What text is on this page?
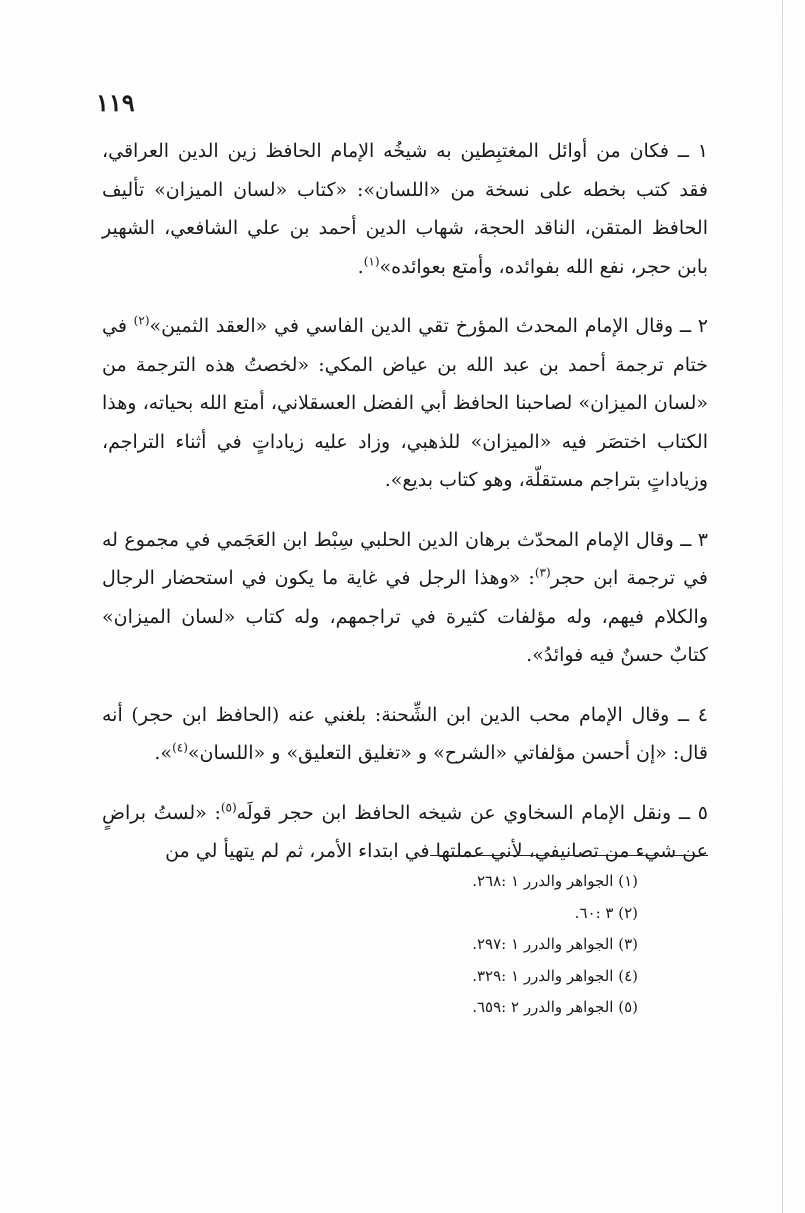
١١٩

١ ــ فكان من أوائل المغتبِطين به شيخُه الإمام الحافظ زين الدين العراقي، فقد كتب بخطه على نسخة من «اللسان»: «كتاب «لسان الميزان» تأليف الحافظ المتقن، الناقد الحجة، شهاب الدين أحمد بن علي الشافعي، الشهير بابن حجر، نفع الله بفوائده، وأمتع بعوائده»$^{(١)}$.

٢ ــ وقال الإمام المحدث المؤرخ تقي الدين الفاسي في «العقد الثمين»$^{(٢)}$ في ختام ترجمة أحمد بن عبد الله بن عياض المكي: «لخصتُ هذه الترجمة من «لسان الميزان» لصاحبنا الحافظ أبي الفضل العسقلاني، أمتع الله بحياته، وهذا الكتاب اختصَر فيه «الميزان» للذهبي، وزاد عليه زياداتٍ في أثناء التراجم، وزياداتٍ بتراجم مستقلّة، وهو كتاب بديع».

٣ ــ وقال الإمام المحدّث برهان الدين الحلبي سِبْط ابن العَجَمي في مجموع له في ترجمة ابن حجر$^{(٣)}$: «وهذا الرجل في غاية ما يكون في استحضار الرجال والكلام فيهم، وله مؤلفات كثيرة في تراجمهم، وله كتاب «لسان الميزان» كتابٌ حسنٌ فيه فوائدُ».

٤ ــ وقال الإمام محب الدين ابن الشِّحنة: بلغني عنه (الحافظ ابن حجر) أنه قال: «إن أحسن مؤلفاتي «الشرح» و «تغليق التعليق» و «اللسان»$^{(٤)}$».

٥ ــ ونقل الإمام السخاوي عن شيخه الحافظ ابن حجر قولَه$^{(٥)}$: «لستُ براضٍ عن شيء من تصانيفي، لأني عملتها في ابتداء الأمر، ثم لم يتهيأ لي من

(١) الجواهر والدرر ١ :٢٦٨.

(٢) ٣ :٦٠.

(٣) الجواهر والدرر ١ :٢٩٧.

(٤) الجواهر والدرر ١ :٣٢٩.

(٥) الجواهر والدرر ٢ :٦٥٩.
